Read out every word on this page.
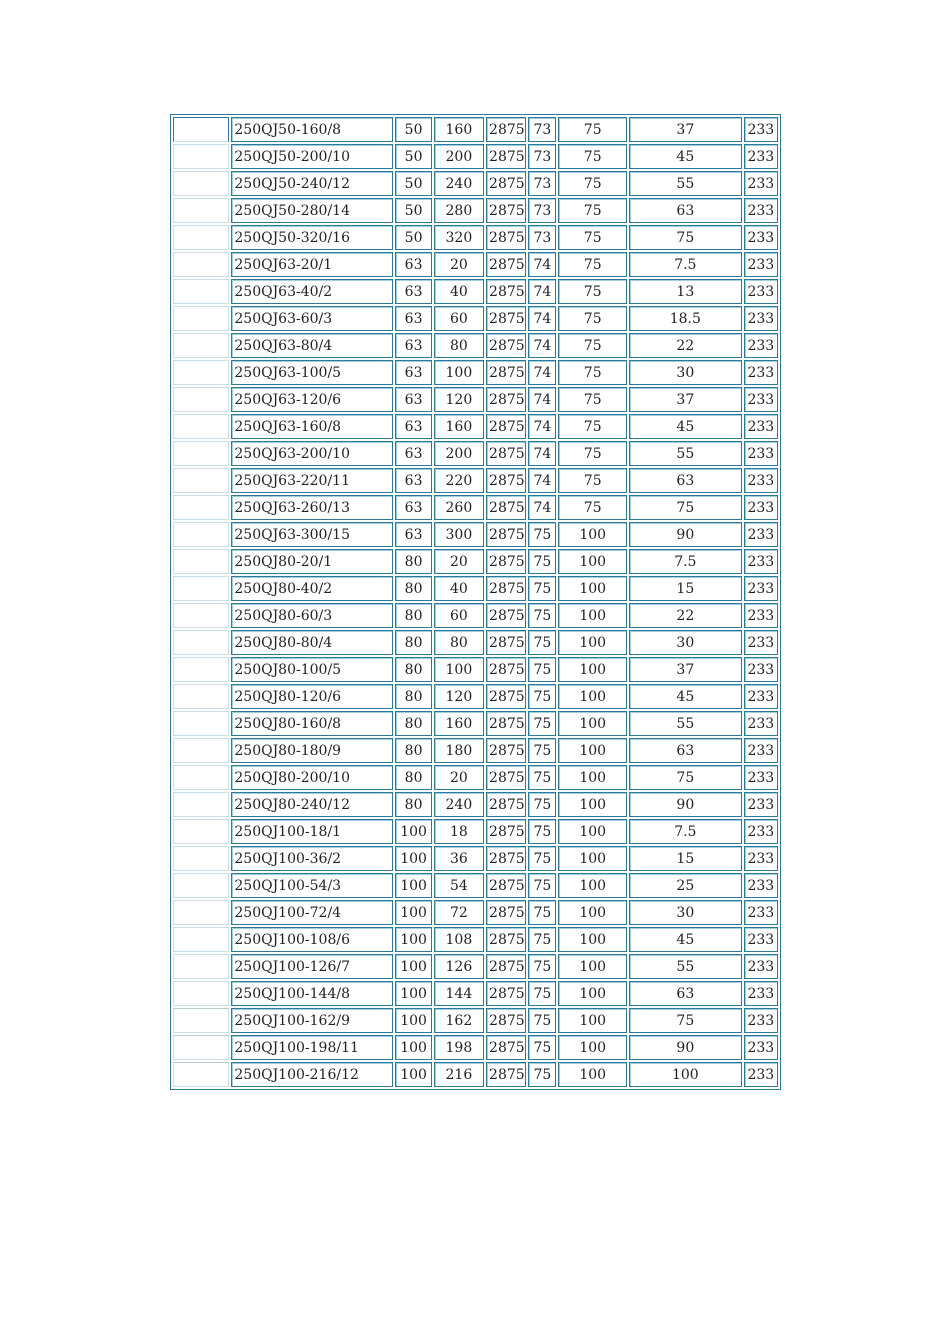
	250QJ50-160/8	50	160	2875	73	75	37	233
	250QJ50-200/10	50	200	2875	73	75	45	233
	250QJ50-240/12	50	240	2875	73	75	55	233
	250QJ50-280/14	50	280	2875	73	75	63	233
	250QJ50-320/16	50	320	2875	73	75	75	233
	250QJ63-20/1	63	20	2875	74	75	7.5	233
	250QJ63-40/2	63	40	2875	74	75	13	233
	250QJ63-60/3	63	60	2875	74	75	18.5	233
	250QJ63-80/4	63	80	2875	74	75	22	233
	250QJ63-100/5	63	100	2875	74	75	30	233
	250QJ63-120/6	63	120	2875	74	75	37	233
	250QJ63-160/8	63	160	2875	74	75	45	233
	250QJ63-200/10	63	200	2875	74	75	55	233
	250QJ63-220/11	63	220	2875	74	75	63	233
	250QJ63-260/13	63	260	2875	74	75	75	233
	250QJ63-300/15	63	300	2875	75	100	90	233
	250QJ80-20/1	80	20	2875	75	100	7.5	233
	250QJ80-40/2	80	40	2875	75	100	15	233
	250QJ80-60/3	80	60	2875	75	100	22	233
	250QJ80-80/4	80	80	2875	75	100	30	233
	250QJ80-100/5	80	100	2875	75	100	37	233
	250QJ80-120/6	80	120	2875	75	100	45	233
	250QJ80-160/8	80	160	2875	75	100	55	233
	250QJ80-180/9	80	180	2875	75	100	63	233
	250QJ80-200/10	80	20	2875	75	100	75	233
	250QJ80-240/12	80	240	2875	75	100	90	233
	250QJ100-18/1	100	18	2875	75	100	7.5	233
	250QJ100-36/2	100	36	2875	75	100	15	233
	250QJ100-54/3	100	54	2875	75	100	25	233
	250QJ100-72/4	100	72	2875	75	100	30	233
	250QJ100-108/6	100	108	2875	75	100	45	233
	250QJ100-126/7	100	126	2875	75	100	55	233
	250QJ100-144/8	100	144	2875	75	100	63	233
	250QJ100-162/9	100	162	2875	75	100	75	233
	250QJ100-198/11	100	198	2875	75	100	90	233
	250QJ100-216/12	100	216	2875	75	100	100	233
